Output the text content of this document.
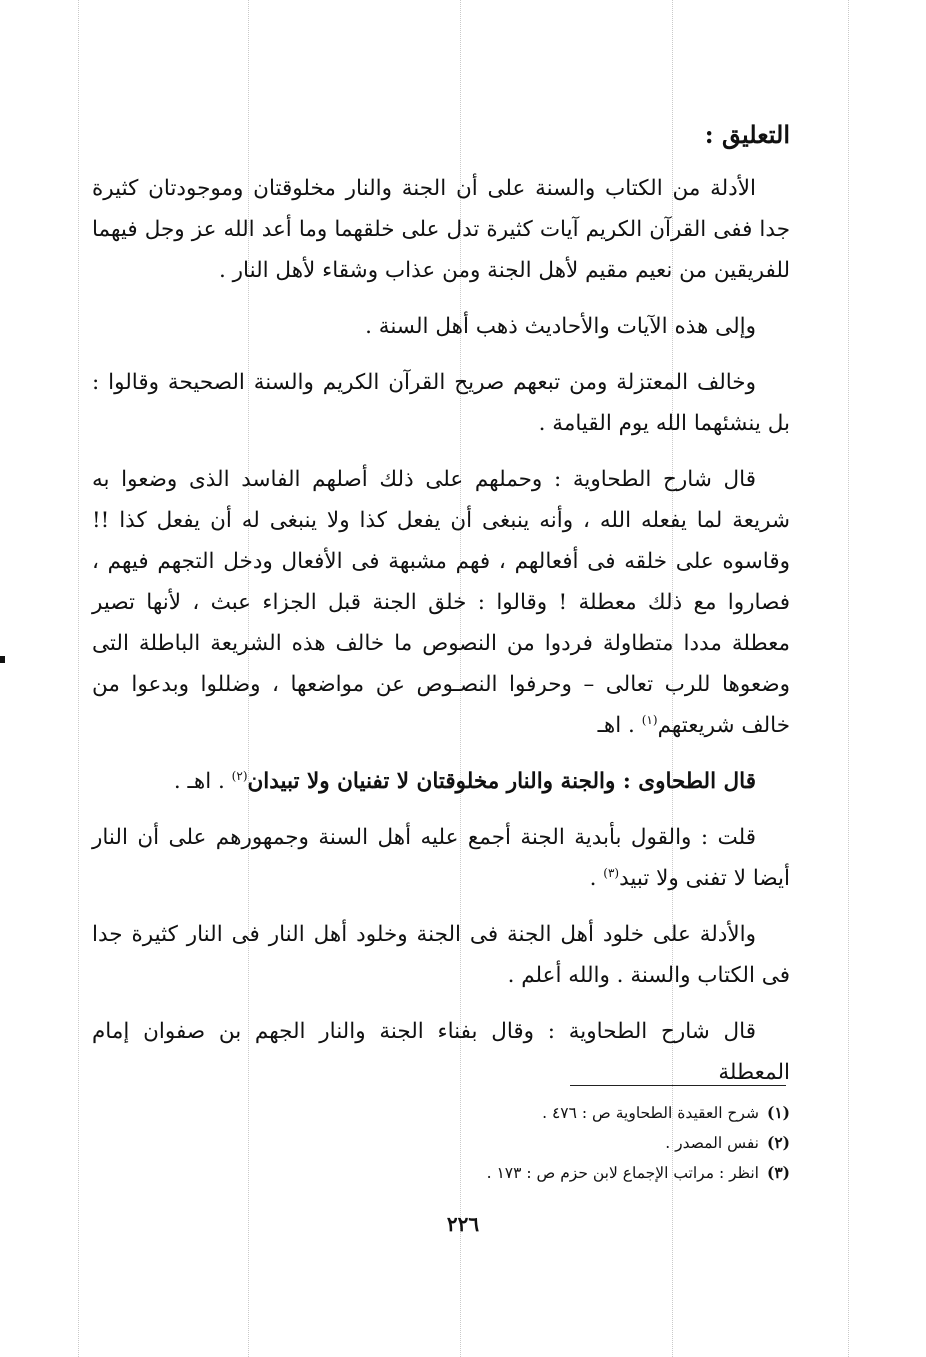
التعليق :

الأدلة من الكتاب والسنة على أن الجنة والنار مخلوقتان وموجودتان كثيرة جدا ففى القرآن الكريم آيات كثيرة تدل على خلقهما وما أعد الله عز وجل فيهما للفريقين من نعيم مقيم لأهل الجنة ومن عذاب وشقاء لأهل النار .

وإلى هذه الآيات والأحاديث ذهب أهل السنة .

وخالف المعتزلة ومن تبعهم صريح القرآن الكريم والسنة الصحيحة وقالوا : بل ينشئهما الله يوم القيامة .

قال شارح الطحاوية : وحملهم على ذلك أصلهم الفاسد الذى وضعوا به شريعة لما يفعله الله ، وأنه ينبغى أن يفعل كذا ولا ينبغى له أن يفعل كذا !! وقاسوه على خلقه فى أفعالهم ، فهم مشبهة فى الأفعال ودخل التجهم فيهم ، فصاروا مع ذلك معطلة ! وقالوا : خلق الجنة قبل الجزاء عبث ، لأنها تصير معطلة مددا متطاولة فردوا من النصوص ما خالف هذه الشريعة الباطلة التى وضعوها للرب تعالى – وحرفوا النصـوص عن مواضعها ، وضللوا وبدعوا من خالف شريعتهم$^{(١)}$ . اهـ

قال الطحاوى : والجنة والنار مخلوقتان لا تفنيان ولا تبيدان$^{(٢)}$ . اهـ .

قلت : والقول بأبدية الجنة أجمع عليه أهل السنة وجمهورهم على أن النار أيضا لا تفنى ولا تبيد$^{(٣)}$ .

والأدلة على خلود أهل الجنة فى الجنة وخلود أهل النار فى النار كثيرة جدا فى الكتاب والسنة . والله أعلم .

قال شارح الطحاوية : وقال بفناء الجنة والنار الجهم بن صفوان إمام المعطلة

(١)شرح العقيدة الطحاوية ص : ٤٧٦ .
(٢)نفس المصدر .
(٣)انظر : مراتب الإجماع لابن حزم ص : ١٧٣ .
٢٢٦
